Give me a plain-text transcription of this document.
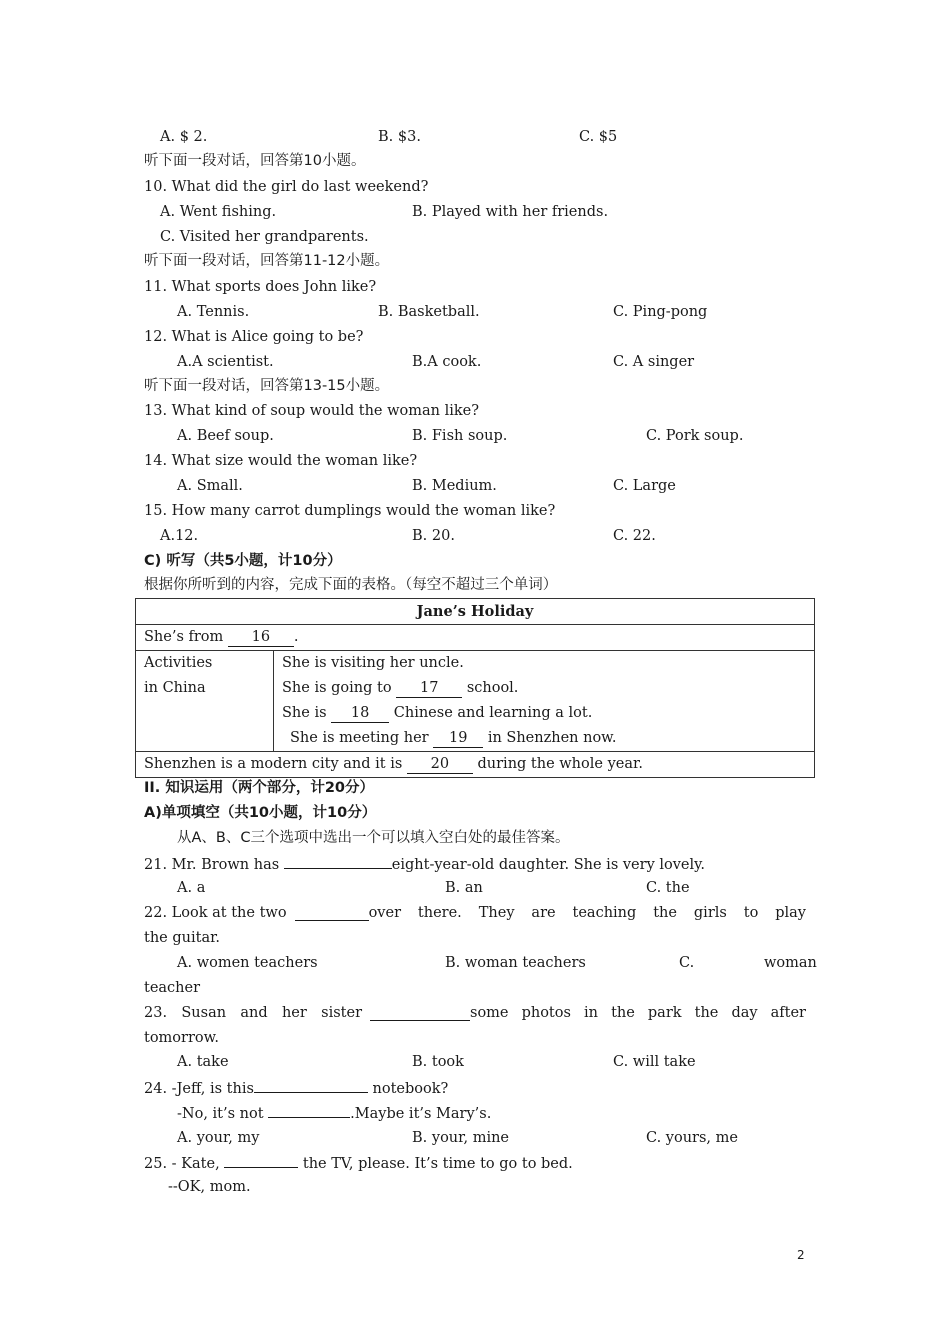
A. $ 2.	B. $3.	C. $5
听下面一段对话，回答第10小题。
10. What did the girl do last weekend?
A. Went fishing.	B. Played with her friends.
C. Visited her grandparents.
听下面一段对话，回答第11-12小题。
11. What sports does John like?
A. Tennis.	B. Basketball.	C. Ping-pong
12. What is Alice going to be?
A.A scientist.	B.A cook.	C. A singer
听下面一段对话，回答第13-15小题。
13. What kind of soup would the woman like?
A. Beef soup.	B. Fish soup.	C. Pork soup.
14. What size would the woman like?
A. Small.	B. Medium.	C. Large
15. How many carrot dumplings would the woman like?
A.12.	B. 20.	C. 22.
C) 听写（共5小题，计10分）
根据你所听到的内容，完成下面的表格。（每空不超过三个单词）
Jane’s Holiday
She’s from 16 .

Activities
in China

She is visiting her uncle.
She is going to 17 school.
She is 18 Chinese and learning a lot.
She is meeting her 19 in Shenzhen now.

Shenzhen is a modern city and it is 20 during the whole year.
II. 知识运用（两个部分，计20分）
A)单项填空（共10小题，计10分）
从A、B、C三个选项中选出一个可以填入空白处的最佳答案。
21. Mr. Brown has	eight-year-old daughter. She is very lovely.
A. a	B. an	C. the
22. Look at the two	over there. They are teaching the girls to play
the guitar.
A. women teachers	B. woman teachers	C.	woman
teacher
23. Susan and her sister	some photos in the park the day after
tomorrow.
A. take	B. took	C. will take
24. -Jeff, is this	notebook?
-No, it’s not	.Maybe it’s Mary’s.
A. your, my	B. your, mine	C. yours, me
25. - Kate,	the TV, please. It’s time to go to bed.
--OK, mom.
2
